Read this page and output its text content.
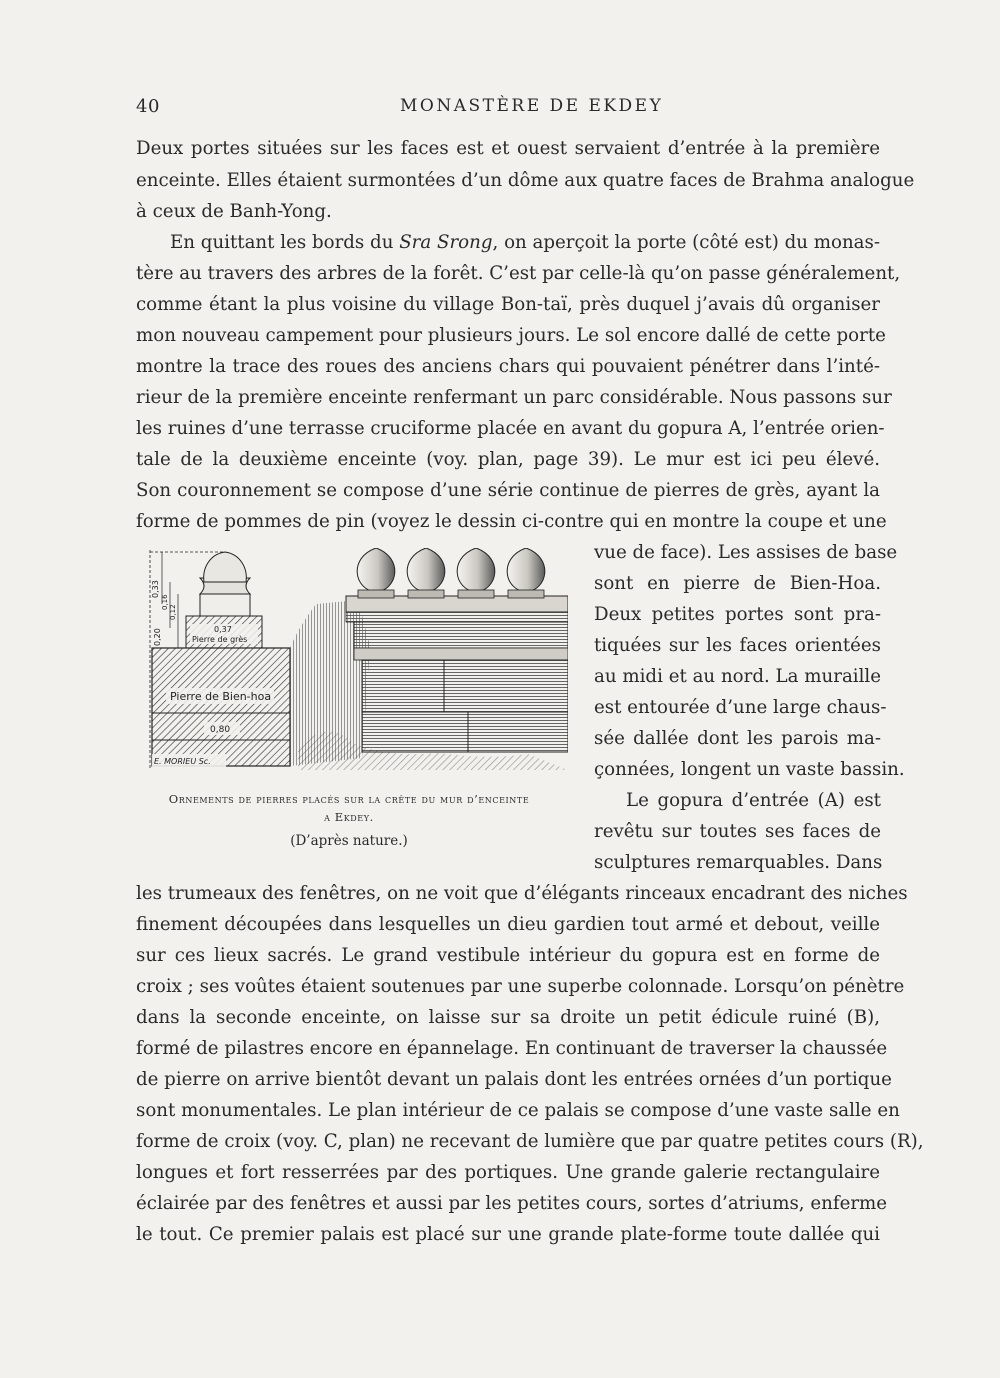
40	MONASTÈRE DE EKDEY
Deux portes situées sur les faces est et ouest servaient d’entrée à la première
enceinte. Elles étaient surmontées d’un dôme aux quatre faces de Brahma analogue
à ceux de Banh-Yong.
En quittant les bords du Sra Srong, on aperçoit la porte (côté est) du monas-
tère au travers des arbres de la forêt. C’est par celle-là qu’on passe généralement,
comme étant la plus voisine du village Bon-taï, près duquel j’avais dû organiser
mon nouveau campement pour plusieurs jours. Le sol encore dallé de cette porte
montre la trace des roues des anciens chars qui pouvaient pénétrer dans l’inté-
rieur de la première enceinte renfermant un parc considérable. Nous passons sur
les ruines d’une terrasse cruciforme placée en avant du gopura A, l’entrée orien-
tale de la deuxième enceinte (voy. plan, page 39). Le mur est ici peu élevé.
Son couronnement se compose d’une série continue de pierres de grès, ayant la
forme de pommes de pin (voyez le dessin ci-contre qui en montre la coupe et une
vue de face). Les assises de base
sont en pierre de Bien-Hoa.
Deux petites portes sont pra-
tiquées sur les faces orientées
au midi et au nord. La muraille
est entourée d’une large chaus-
sée dallée dont les parois ma-
çonnées, longent un vaste bassin.
Le gopura d’entrée (A) est
revêtu sur toutes ses faces de
sculptures remarquables. Dans
les trumeaux des fenêtres, on ne voit que d’élégants rinceaux encadrant des niches
finement découpées dans lesquelles un dieu gardien tout armé et debout, veille
sur ces lieux sacrés. Le grand vestibule intérieur du gopura est en forme de
croix ; ses voûtes étaient soutenues par une superbe colonnade. Lorsqu’on pénètre
dans la seconde enceinte, on laisse sur sa droite un petit édicule ruiné (B),
formé de pilastres encore en épannelage. En continuant de traverser la chaussée
de pierre on arrive bientôt devant un palais dont les entrées ornées d’un portique
sont monumentales. Le plan intérieur de ce palais se compose d’une vaste salle en
forme de croix (voy. C, plan) ne recevant de lumière que par quatre petites cours (R),
longues et fort resserrées par des portiques. Une grande galerie rectangulaire
éclairée par des fenêtres et aussi par les petites cours, sortes d’atriums, enferme
le tout. Ce premier palais est placé sur une grande plate-forme toute dallée qui
0,33
0,16
0,12
0,20	0,37
Pierre de grès
Pierre de Bien-hoa
0,80
E. MORIEU Sc.
Ornements de pierres placés sur la crête du mur d’enceinte
a Ekdey.
(D’après nature.)
